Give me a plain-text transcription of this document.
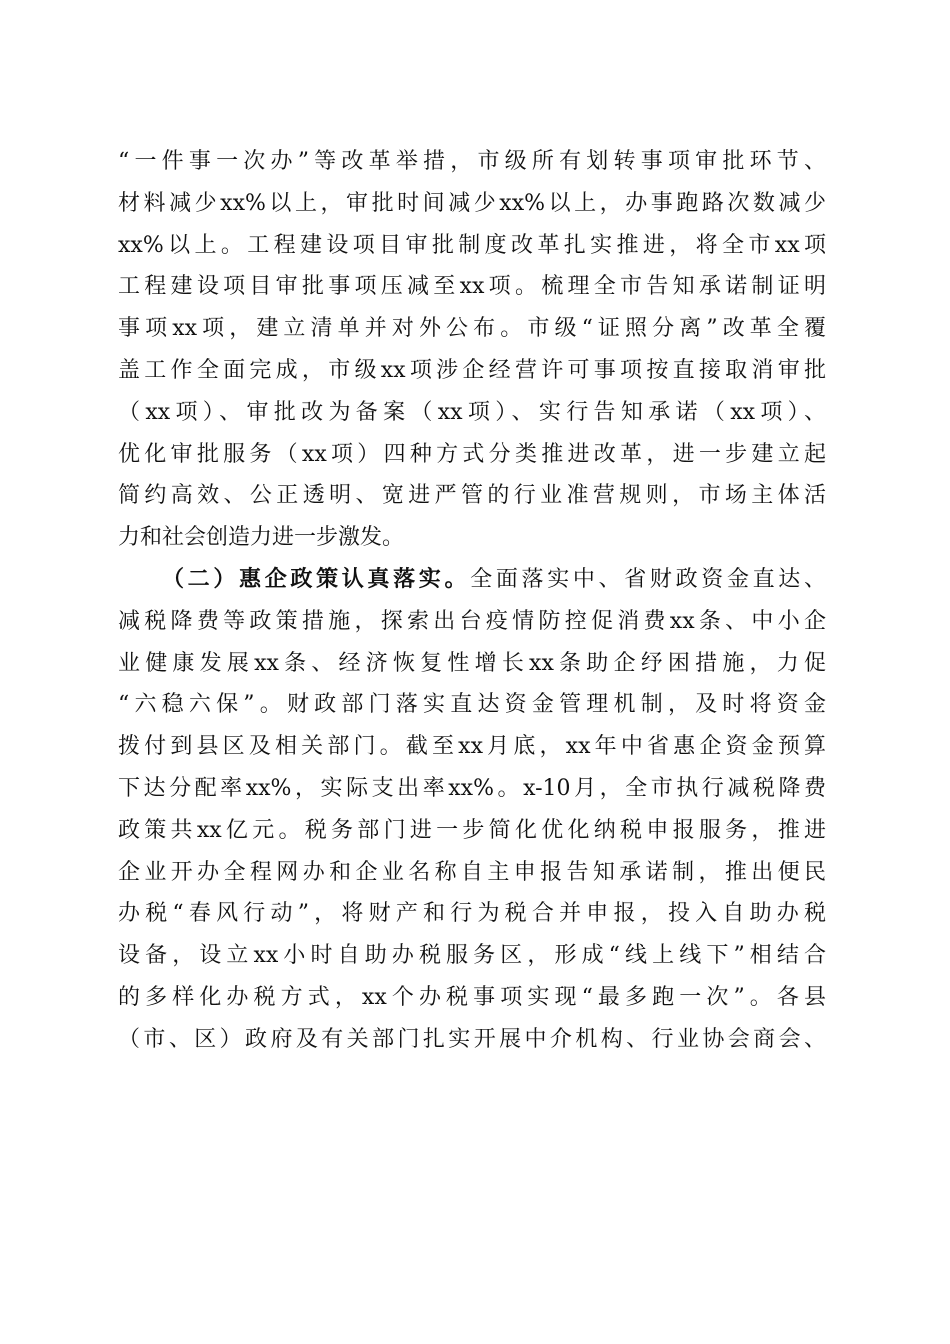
“一件事一次办”等改革举措，市级所有划转事项审批环节、
材料减少xx%以上，审批时间减少xx%以上，办事跑路次数减少
xx%以上。工程建设项目审批制度改革扎实推进，将全市xx项
工程建设项目审批事项压减至xx项。梳理全市告知承诺制证明
事项xx项，建立清单并对外公布。市级“证照分离”改革全覆
盖工作全面完成，市级xx项涉企经营许可事项按直接取消审批
（xx项）、审批改为备案（xx项）、实行告知承诺（xx项）、
优化审批服务（xx项）四种方式分类推进改革，进一步建立起
简约高效、公正透明、宽进严管的行业准营规则，市场主体活
力和社会创造力进一步激发。
（二）惠企政策认真落实。全面落实中、省财政资金直达、
减税降费等政策措施，探索出台疫情防控促消费xx条、中小企
业健康发展xx条、经济恢复性增长xx条助企纾困措施，力促
“六稳六保”。财政部门落实直达资金管理机制，及时将资金
拨付到县区及相关部门。截至xx月底，xx年中省惠企资金预算
下达分配率xx%，实际支出率xx%。x-10月，全市执行减税降费
政策共xx亿元。税务部门进一步简化优化纳税申报服务，推进
企业开办全程网办和企业名称自主申报告知承诺制，推出便民
办税“春风行动”，将财产和行为税合并申报，投入自助办税
设备，设立xx小时自助办税服务区，形成“线上线下”相结合
的多样化办税方式，xx个办税事项实现“最多跑一次”。各县
（市、区）政府及有关部门扎实开展中介机构、行业协会商会、
